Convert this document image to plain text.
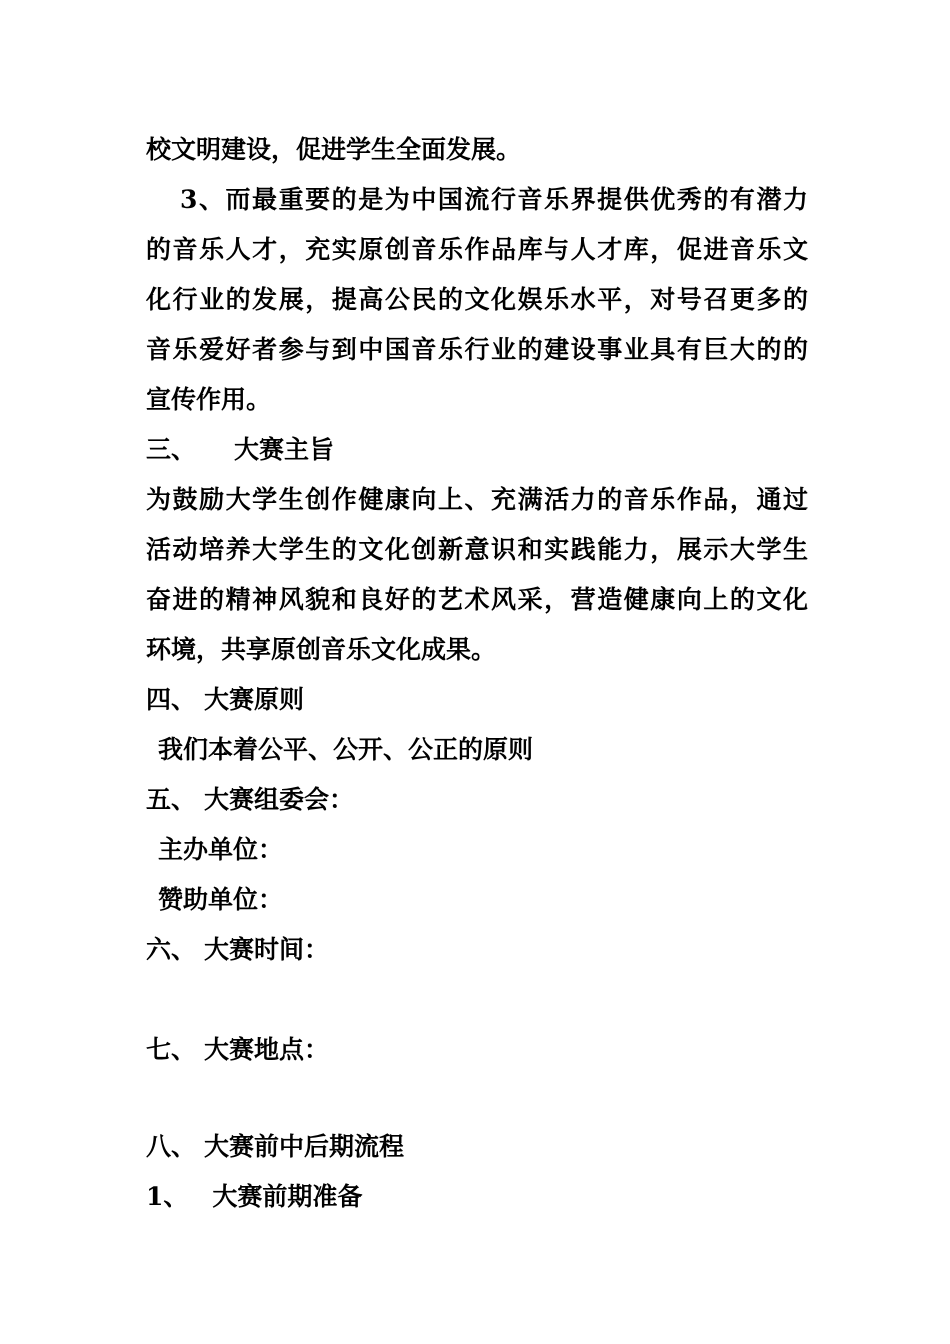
校文明建设，促进学生全面发展。
3、而最重要的是为中国流行音乐界提供优秀的有潜力
的音乐人才，充实原创音乐作品库与人才库，促进音乐文
化行业的发展，提高公民的文化娱乐水平，对号召更多的
音乐爱好者参与到中国音乐行业的建设事业具有巨大的的
宣传作用。
三、 大赛主旨
为鼓励大学生创作健康向上、充满活力的音乐作品，通过
活动培养大学生的文化创新意识和实践能力，展示大学生
奋进的精神风貌和良好的艺术风采，营造健康向上的文化
环境，共享原创音乐文化成果。
四、 大赛原则
我们本着公平、公开、公正的原则
五、 大赛组委会：
主办单位：
赞助单位：
六、 大赛时间：
七、 大赛地点：
八、 大赛前中后期流程
1、 大赛前期准备
